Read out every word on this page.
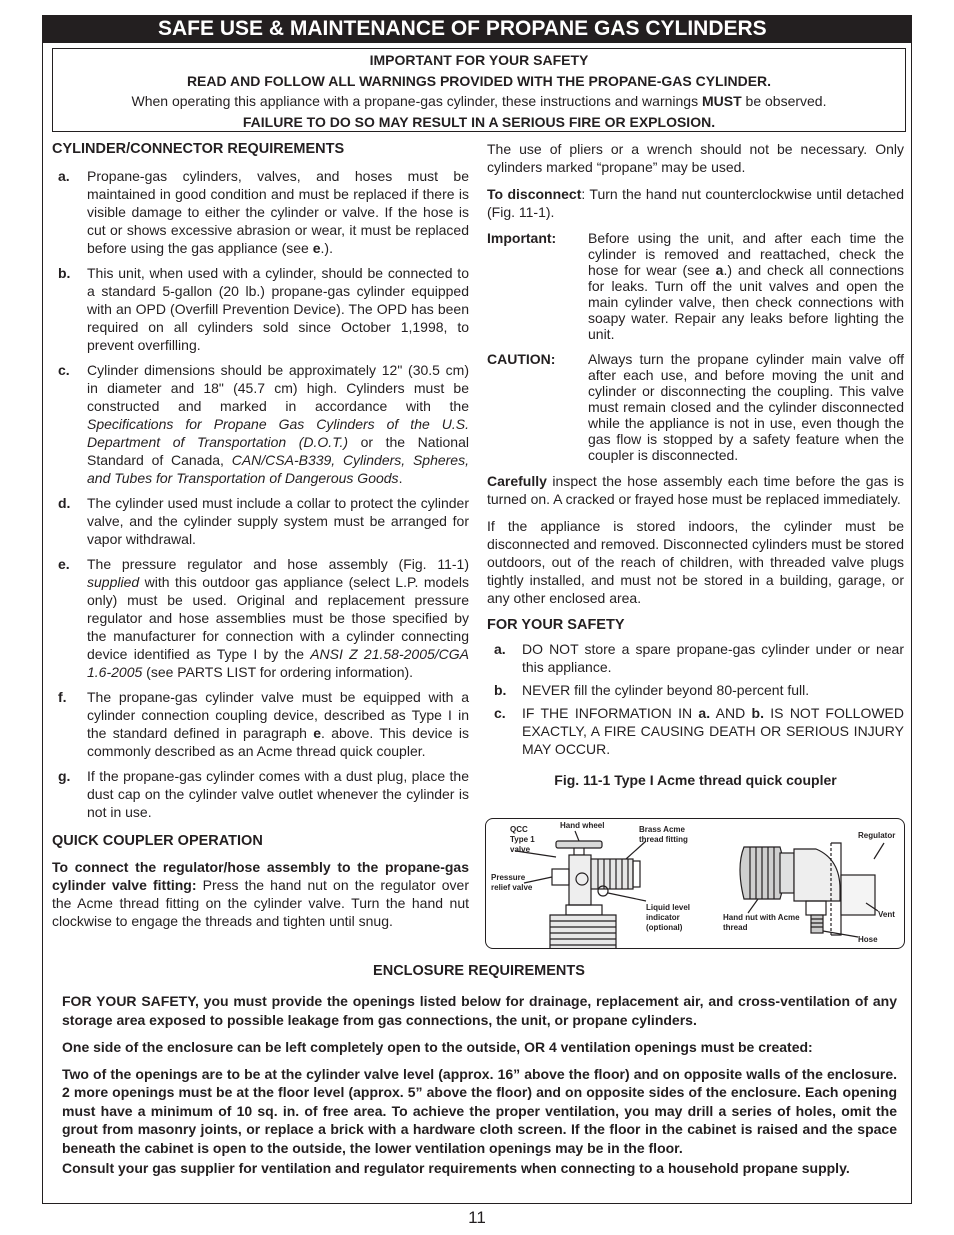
SAFE USE & MAINTENANCE OF PROPANE GAS CYLINDERS
IMPORTANT FOR YOUR SAFETY
READ AND FOLLOW ALL WARNINGS PROVIDED WITH THE PROPANE-GAS CYLINDER.
When operating this appliance with a propane-gas cylinder, these instructions and warnings MUST be observed.
FAILURE TO DO SO MAY RESULT IN A SERIOUS FIRE OR EXPLOSION.
CYLINDER/CONNECTOR REQUIREMENTS
a. Propane-gas cylinders, valves, and hoses must be maintained in good condition and must be replaced if there is visible damage to either the cylinder or valve. If the hose is cut or shows excessive abrasion or wear, it must be replaced before using the gas appliance (see e.).
b. This unit, when used with a cylinder, should be connected to a standard 5-gallon (20 lb.) propane-gas cylinder equipped with an OPD (Overfill Prevention Device). The OPD has been required on all cylinders sold since October 1,1998, to prevent overfilling.
c. Cylinder dimensions should be approximately 12" (30.5 cm) in diameter and 18" (45.7 cm) high. Cylinders must be constructed and marked in accordance with the Specifications for Propane Gas Cylinders of the U.S. Department of Transportation (D.O.T.) or the National Standard of Canada, CAN/CSA-B339, Cylinders, Spheres, and Tubes for Transportation of Dangerous Goods.
d. The cylinder used must include a collar to protect the cylinder valve, and the cylinder supply system must be arranged for vapor withdrawal.
e. The pressure regulator and hose assembly (Fig. 11-1) supplied with this outdoor gas appliance (select L.P. models only) must be used. Original and replacement pressure regulator and hose assemblies must be those specified by the manufacturer for connection with a cylinder connecting device identified as Type I by the ANSI Z 21.58-2005/CGA 1.6-2005 (see PARTS LIST for ordering information).
f. The propane-gas cylinder valve must be equipped with a cylinder connection coupling device, described as Type I in the standard defined in paragraph e. above. This device is commonly described as an Acme thread quick coupler.
g. If the propane-gas cylinder comes with a dust plug, place the dust cap on the cylinder valve outlet whenever the cylinder is not in use.
QUICK COUPLER OPERATION

To connect the regulator/hose assembly to the propane-gas cylinder valve fitting: Press the hand nut on the regulator over the Acme thread fitting on the cylinder valve. Turn the hand nut clockwise to engage the threads and tighten until snug.

The use of pliers or a wrench should not be necessary. Only cylinders marked “propane” may be used.

To disconnect: Turn the hand nut counterclockwise until detached (Fig. 11-1).

Important: Before using the unit, and after each time the cylinder is removed and reattached, check the hose for wear (see a.) and check all connections for leaks. Turn off the unit valves and open the main cylinder valve, then check connections with soapy water. Repair any leaks before lighting the unit.
CAUTION: Always turn the propane cylinder main valve off after each use, and before moving the unit and cylinder or disconnecting the coupling. This valve must remain closed and the cylinder disconnected while the appliance is not in use, even though the gas flow is stopped by a safety feature when the coupler is disconnected.

Carefully inspect the hose assembly each time before the gas is turned on. A cracked or frayed hose must be replaced immediately.

If the appliance is stored indoors, the cylinder must be disconnected and removed. Disconnected cylinders must be stored outdoors, out of the reach of children, with threaded valve plugs tightly installed, and must not be stored in a building, garage, or any other enclosed area.

FOR YOUR SAFETY
a. DO NOT store a spare propane-gas cylinder under or near this appliance.
b. NEVER fill the cylinder beyond 80-percent full.
c. IF THE INFORMATION IN a. AND b. IS NOT FOLLOWED EXACTLY, A FIRE CAUSING DEATH OR SERIOUS INJURY MAY OCCUR.
Fig. 11-1 Type I Acme thread quick coupler
QCC Type 1 valve
Hand wheel	Brass Acme thread fitting	Regulator
Pressure relief valve
Liquid level indicator (optional)
Hand nut with Acme thread
Vent
Hose
ENCLOSURE REQUIREMENTS

FOR YOUR SAFETY, you must provide the openings listed below for drainage, replacement air, and cross-ventilation of any storage area exposed to possible leakage from gas connections, the unit, or propane cylinders.

One side of the enclosure can be left completely open to the outside, OR 4 ventilation openings must be created:

Two of the openings are to be at the cylinder valve level (approx. 16” above the floor) and on opposite walls of the enclosure. 2 more openings must be at the floor level (approx. 5” above the floor) and on opposite sides of the enclosure. Each opening must have a minimum of 10 sq. in. of free area. To achieve the proper ventilation, you may drill a series of holes, omit the grout from masonry joints, or replace a brick with a hardware cloth screen. If the floor in the cabinet is raised and the space beneath the cabinet is open to the outside, the lower ventilation openings may be in the floor.

Consult your gas supplier for ventilation and regulator requirements when connecting to a household propane supply.

11
